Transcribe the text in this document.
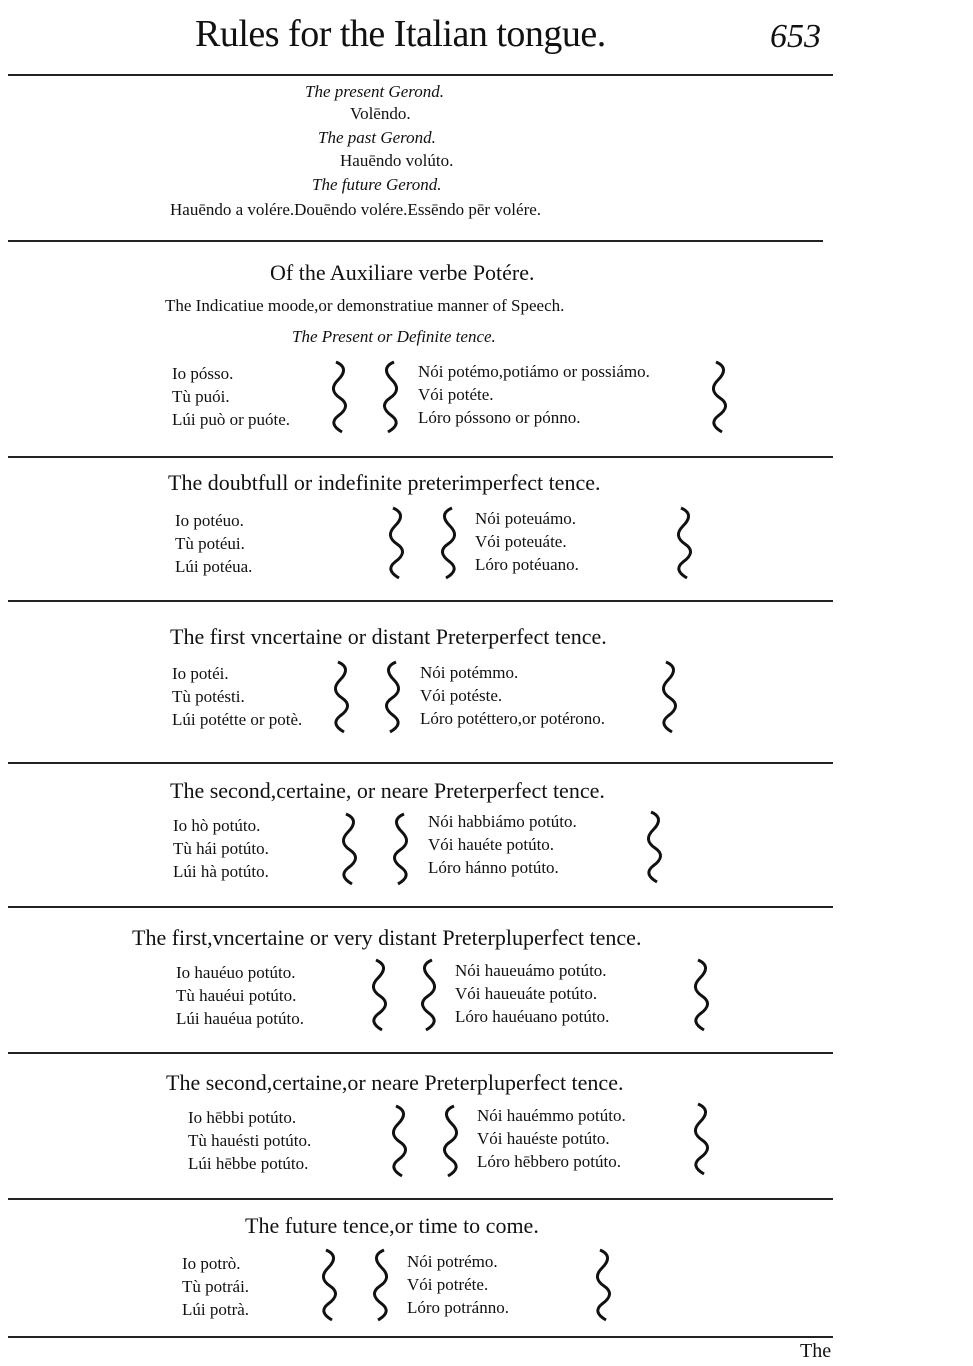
Rules for the Italian tongue.	653
The present Gerond.
Volēndo.
The past Gerond.
Hauēndo volúto.
The future Gerond.
Hauēndo a volére.Douēndo volére.Essēndo pēr volére.
Of the Auxiliare verbe Potére.
The Indicatiue moode,or demonstratiue manner of Speech.
The Present or Definite tence.
Io pósso.
Tù puói.
Lúi può or puóte.
Nói potémo,potiámo or possiámo.
Vói potéte.
Lóro póssono or pónno.
The doubtfull or indefinite preterimperfect tence.
Io potéuo.
Tù potéui.
Lúi potéua.
Nói poteuámo.
Vói poteuáte.
Lóro potéuano.
The first vncertaine or distant Preterperfect tence.
Io potéi.
Tù potésti.
Lúi potétte or potè.
Nói potémmo.
Vói potéste.
Lóro potéttero,or potérono.
The second,certaine, or neare Preterperfect tence.
Io hò potúto.
Tù hái potúto.
Lúi hà potúto.
Nói habbiámo potúto.
Vói hauéte potúto.
Lóro hánno potúto.
The first,vncertaine or very distant Preterpluperfect tence.
Io hauéuo potúto.
Tù hauéui potúto.
Lúi hauéua potúto.
Nói haueuámo potúto.
Vói haueuáte potúto.
Lóro hauéuano potúto.
The second,certaine,or neare Preterpluperfect tence.
Io hēbbi potúto.
Tù hauésti potúto.
Lúi hēbbe potúto.
Nói hauémmo potúto.
Vói hauéste potúto.
Lóro hēbbero potúto.
The future tence,or time to come.
Io potrò.
Tù potrái.
Lúi potrà.
Nói potrémo.
Vói potréte.
Lóro potránno.
The
